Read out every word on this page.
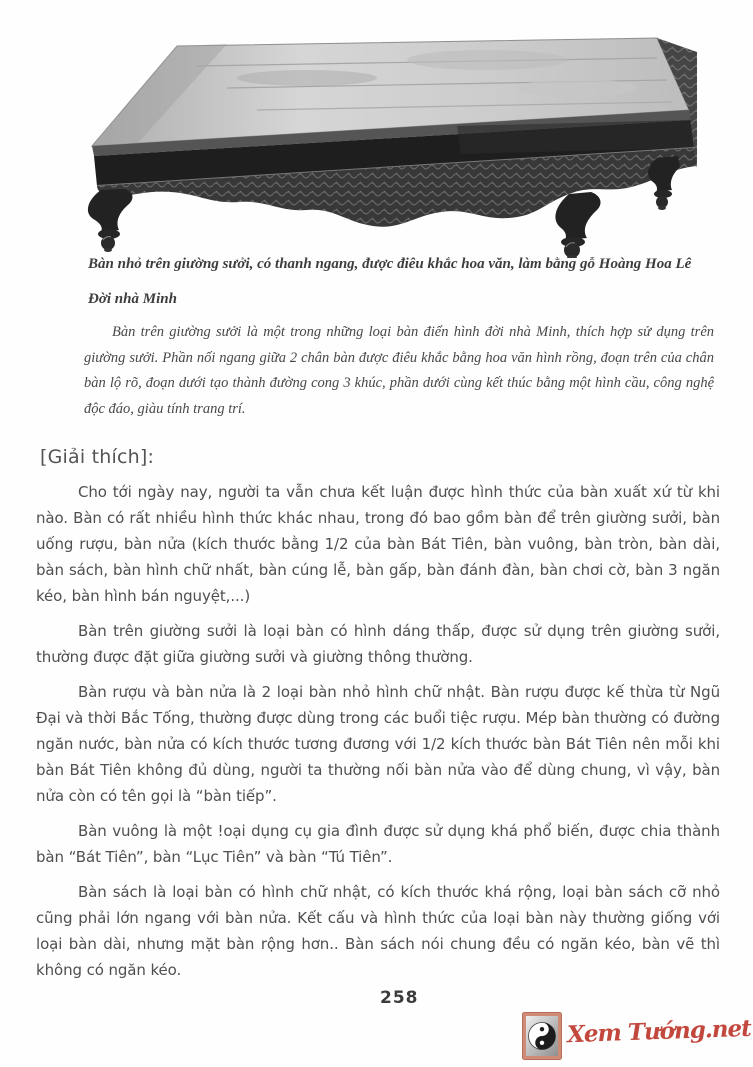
Bàn nhỏ trên giường sưởi, có thanh ngang, được điêu khắc hoa văn, làm bằng gỗ Hoàng Hoa Lê
Đời nhà Minh

Bàn trên giường sưởi là một trong những loại bàn điển hình đời nhà Minh, thích hợp sử dụng trên giường sưởi. Phần nối ngang giữa 2 chân bàn được điêu khắc bằng hoa văn hình rồng, đoạn trên của chân bàn lộ rõ, đoạn dưới tạo thành đường cong 3 khúc, phần dưới cùng kết thúc bằng một hình cầu, công nghệ độc đáo, giàu tính trang trí.

[Giải thích]:

Cho tới ngày nay, người ta vẫn chưa kết luận được hình thức của bàn xuất xứ từ khi nào. Bàn có rất nhiều hình thức khác nhau, trong đó bao gồm bàn để trên giường sưởi, bàn uống rượu, bàn nửa (kích thước bằng 1/2 của bàn Bát Tiên, bàn vuông, bàn tròn, bàn dài, bàn sách, bàn hình chữ nhất, bàn cúng lễ, bàn gấp, bàn đánh đàn, bàn chơi cờ, bàn 3 ngăn kéo, bàn hình bán nguyệt,...)

Bàn trên giường sưởi là loại bàn có hình dáng thấp, được sử dụng trên giường sưởi, thường được đặt giữa giường sưởi và giường thông thường.

Bàn rượu và bàn nửa là 2 loại bàn nhỏ hình chữ nhật. Bàn rượu được kế thừa từ Ngũ Đại và thời Bắc Tống, thường được dùng trong các buổi tiệc rượu. Mép bàn thường có đường ngăn nước, bàn nửa có kích thước tương đương với 1/2 kích thước bàn Bát Tiên nên mỗi khi bàn Bát Tiên không đủ dùng, người ta thường nối bàn nửa vào để dùng chung, vì vậy, bàn nửa còn có tên gọi là “bàn tiếp”.

Bàn vuông là một !oại dụng cụ gia đình được sử dụng khá phổ biến, được chia thành bàn “Bát Tiên”, bàn “Lục Tiên” và bàn “Tú Tiên”.

Bàn sách là loại bàn có hình chữ nhật, có kích thước khá rộng, loại bàn sách cỡ nhỏ cũng phải lớn ngang với bàn nửa. Kết cấu và hình thức của loại bàn này thường giống với loại bàn dài, nhưng mặt bàn rộng hơn.. Bàn sách nói chung đều có ngăn kéo, bàn vẽ thì không có ngăn kéo.

258
Xem Tướng.net
